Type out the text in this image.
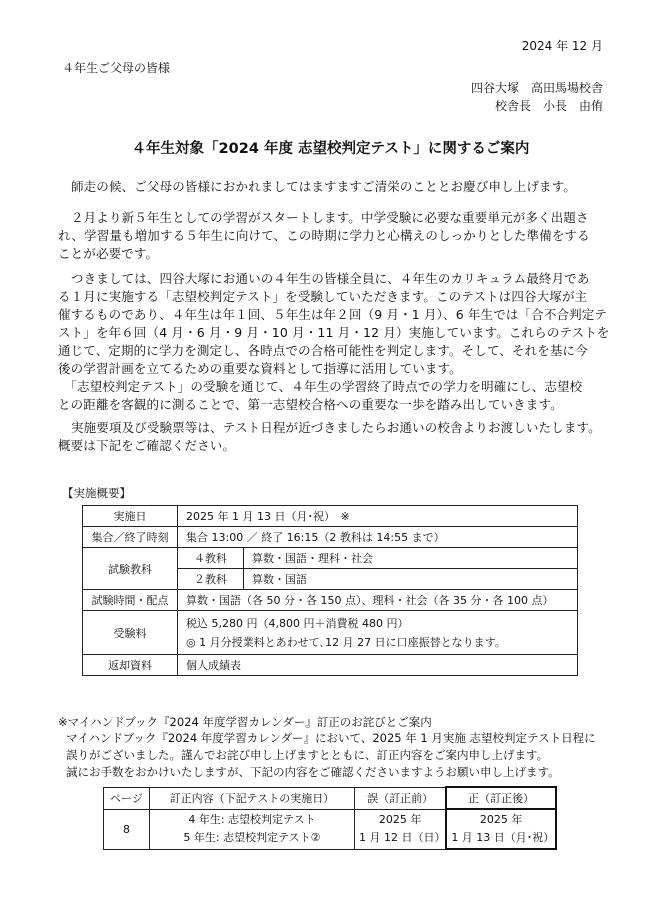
2024 年 12 月
４年生ご父母の皆様
四谷大塚　高田馬場校舎
校舎長　小長　由侑
４年生対象「2024 年度 志望校判定テスト」に関するご案内
師走の候、ご父母の皆様におかれましてはますますご清栄のこととお慶び申し上げます。
２月より新５年生としての学習がスタートします。中学受験に必要な重要単元が多く出題さ
れ、学習量も増加する５年生に向けて、この時期に学力と心構えのしっかりとした準備をする
ことが必要です。
つきましては、四谷大塚にお通いの４年生の皆様全員に、４年生のカリキュラム最終月であ
る１月に実施する「志望校判定テスト」を受験していただきます。このテストは四谷大塚が主
催するものであり、４年生は年１回、５年生は年２回（9 月・1 月）、6 年生では「合不合判定テ
スト」を年６回（4 月・6 月・9 月・10 月・11 月・12 月）実施しています。これらのテストを
通じて、定期的に学力を測定し、各時点での合格可能性を判定します。そして、それを基に今
後の学習計画を立てるための重要な資料として指導に活用しています。
　「志望校判定テスト」の受験を通じて、４年生の学習終了時点での学力を明確にし、志望校
との距離を客観的に測ることで、第一志望校合格への重要な一歩を踏み出していきます。
実施要項及び受験票等は、テスト日程が近づきましたらお通いの校舎よりお渡しいたします。
概要は下記をご確認ください。
【実施概要】
実施日	2025 年 1 月 13 日（月･祝）　※	
集合／終了時刻	集合 13:00 ／ 終了 16:15（2 教科は 14:55 まで）	
試験教科	４教科	算数・国語・理科・社会
	２教科	算数・国語
試験時間・配点	算数・国語（各 50 分・各 150 点）、理科・社会（各 35 分・各 100 点）	
受験料	税込 5,280 円（4,800 円＋消費税 480 円）
◎ 1 月分授業料とあわせて､12 月 27 日に口座振替となります。	

返却資料	個人成績表	
※マイハンドブック『2024 年度学習カレンダー』訂正のお詫びとご案内
マイハンドブック『2024 年度学習カレンダー』において、2025 年 1 月実施 志望校判定テスト日程に
誤りがございました。謹んでお詫び申し上げますとともに、訂正内容をご案内申し上げます。
誠にお手数をおかけいたしますが、下記の内容をご確認くださいますようお願い申し上げます。
ページ	訂正内容（下記テストの実施日）	誤（訂正前）	正（訂正後）
8	4 年生: 志望校判定テスト
5 年生: 志望校判定テスト②	2025 年
1 月 12 日（日）	2025 年
1 月 13 日（月･祝）
